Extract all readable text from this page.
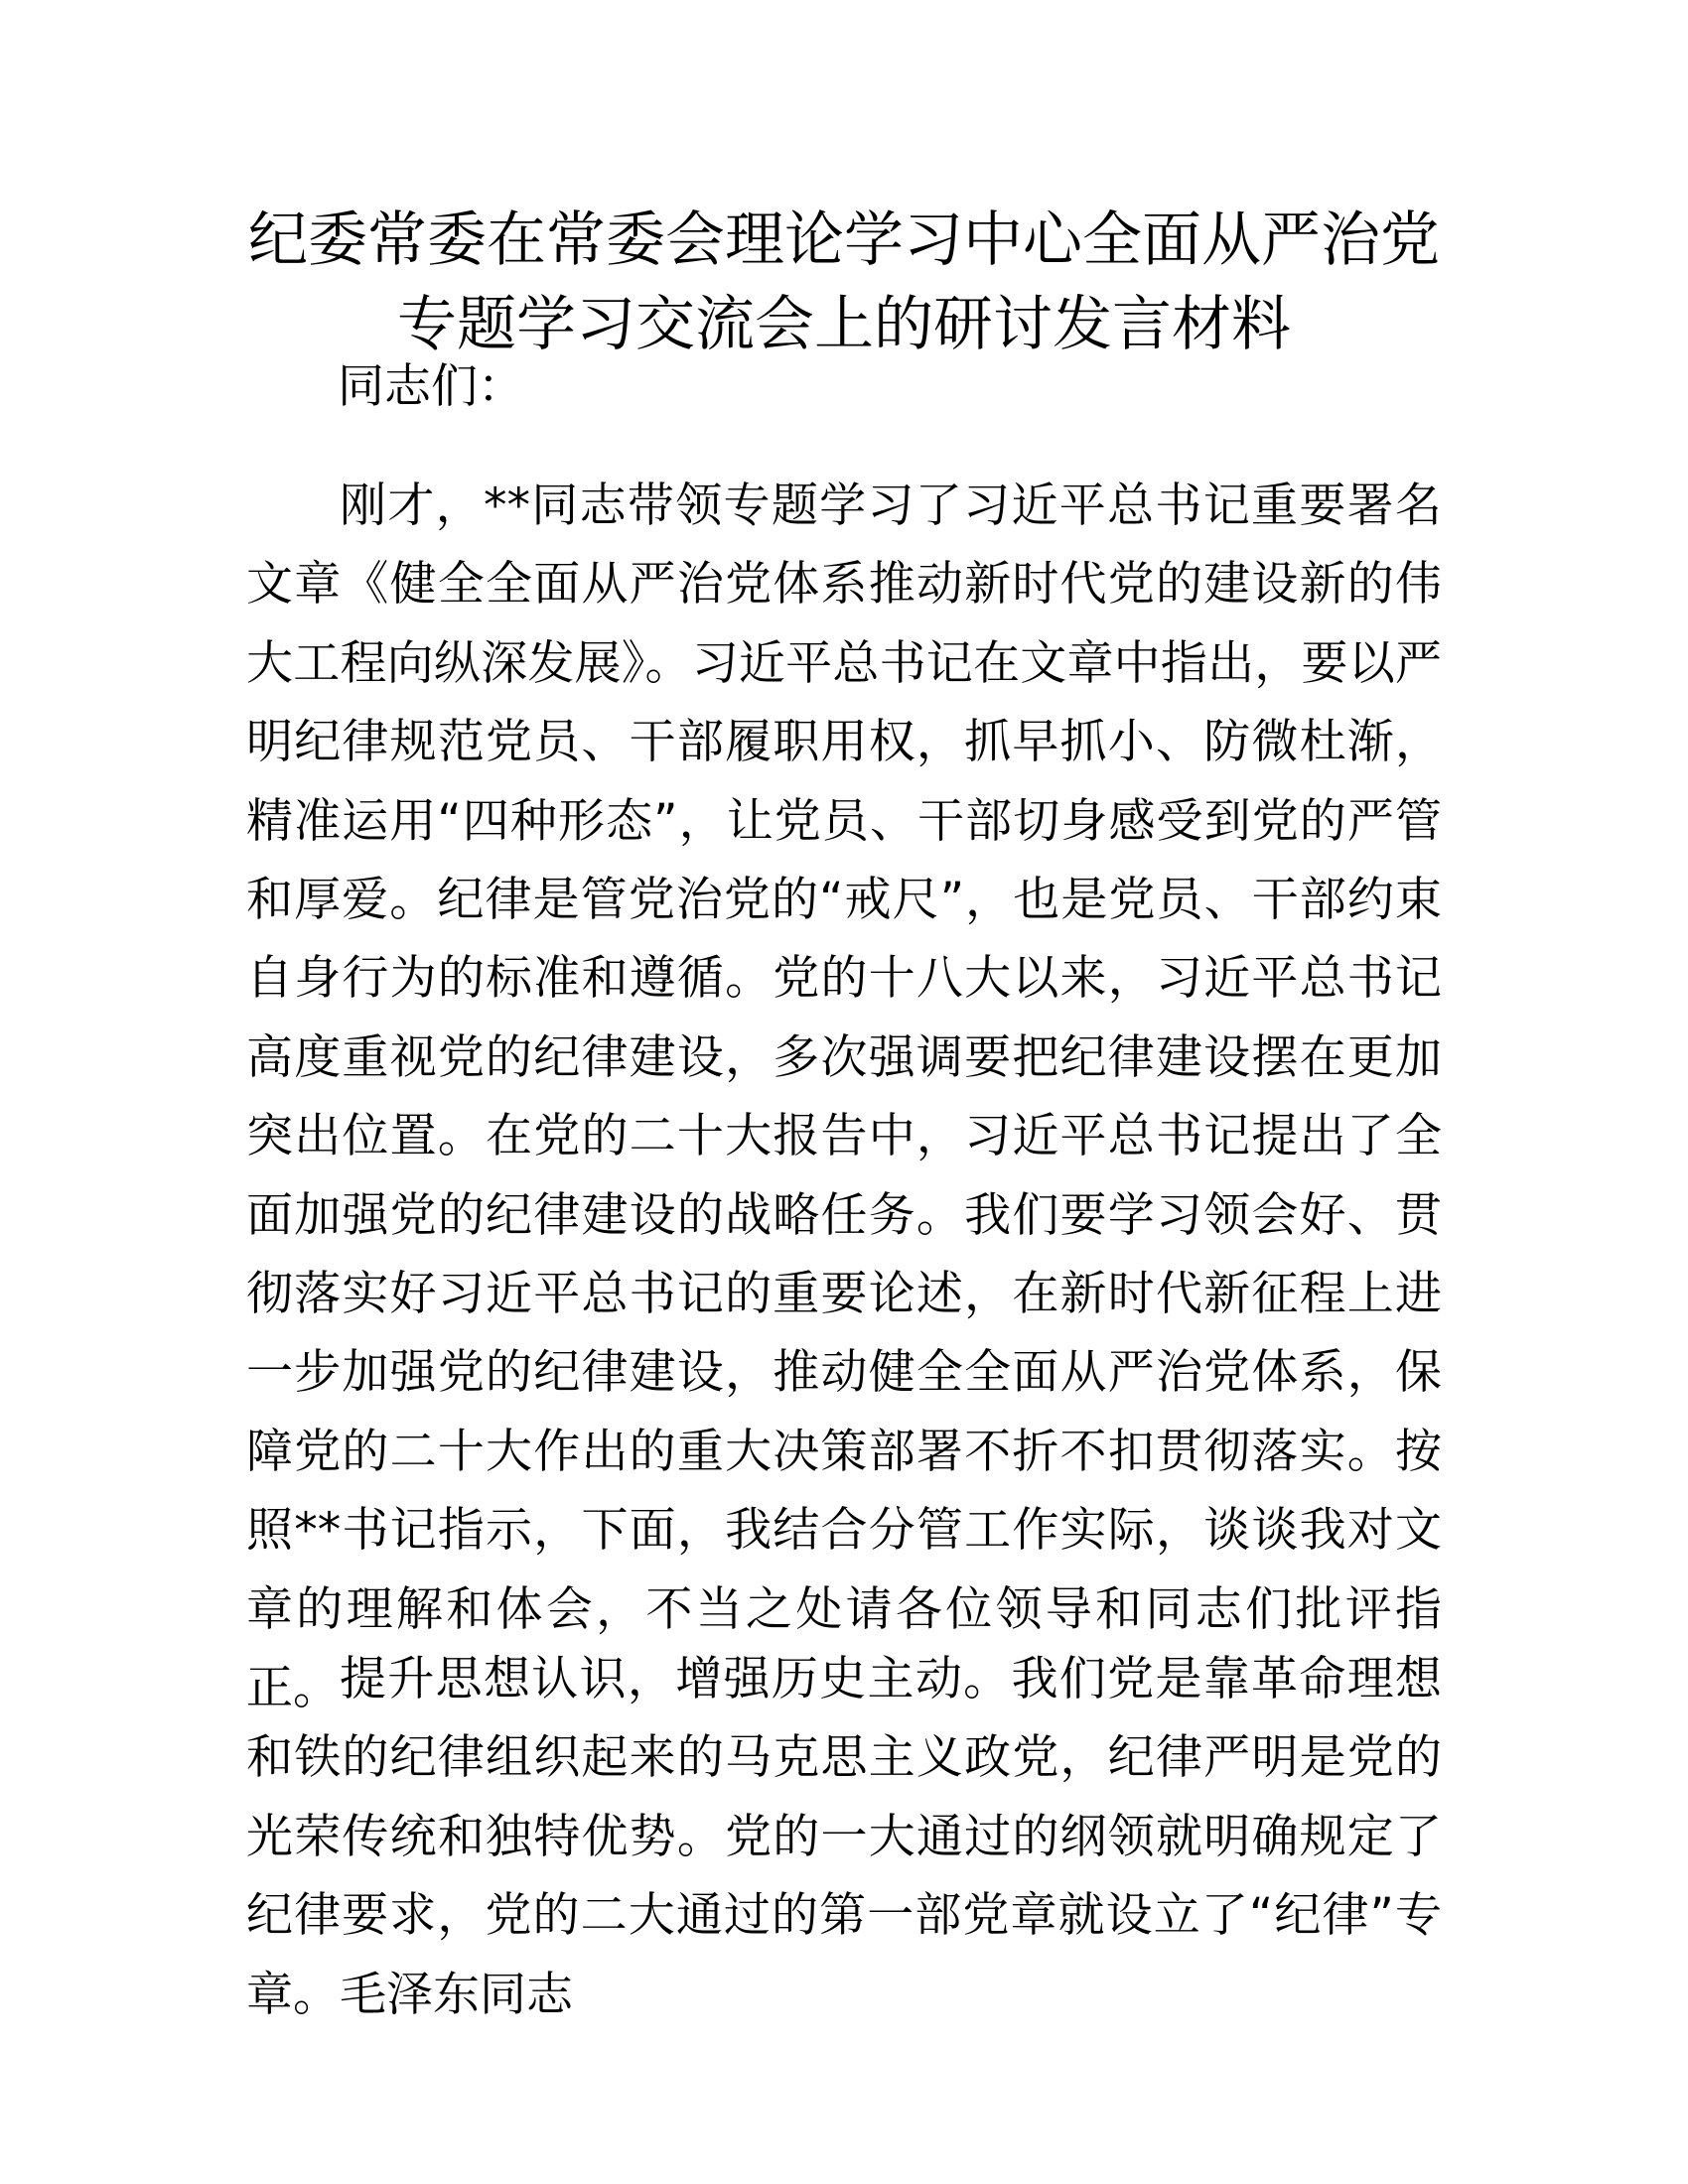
纪委常委在常委会理论学习中心全面从严治党
专题学习交流会上的研讨发言材料
同志们：

刚才，**同志带领专题学习了习近平总书记重要署名文章《健全全面从严治党体系推动新时代党的建设新的伟大工程向纵深发展》。习近平总书记在文章中指出，要以严明纪律规范党员、干部履职用权，抓早抓小、防微杜渐，精准运用“四种形态”，让党员、干部切身感受到党的严管和厚爱。纪律是管党治党的“戒尺”，也是党员、干部约束自身行为的标准和遵循。党的十八大以来，习近平总书记高度重视党的纪律建设，多次强调要把纪律建设摆在更加突出位置。在党的二十大报告中，习近平总书记提出了全面加强党的纪律建设的战略任务。我们要学习领会好、贯彻落实好习近平总书记的重要论述，在新时代新征程上进一步加强党的纪律建设，推动健全全面从严治党体系，保障党的二十大作出的重大决策部署不折不扣贯彻落实。按照**书记指示，下面，我结合分管工作实际，谈谈我对文章的理解和体会，不当之处请各位领导和同志们批评指正。 提升思想认识，增强历史主动。我们党是靠革命理想和铁的纪律组织起来的马克思主义政党，纪律严明是党的光荣传统和独特优势。党的一大通过的纲领就明确规定了纪律要求，党的二大通过的第一部党章就设立了“纪律”专章。毛泽东同志
